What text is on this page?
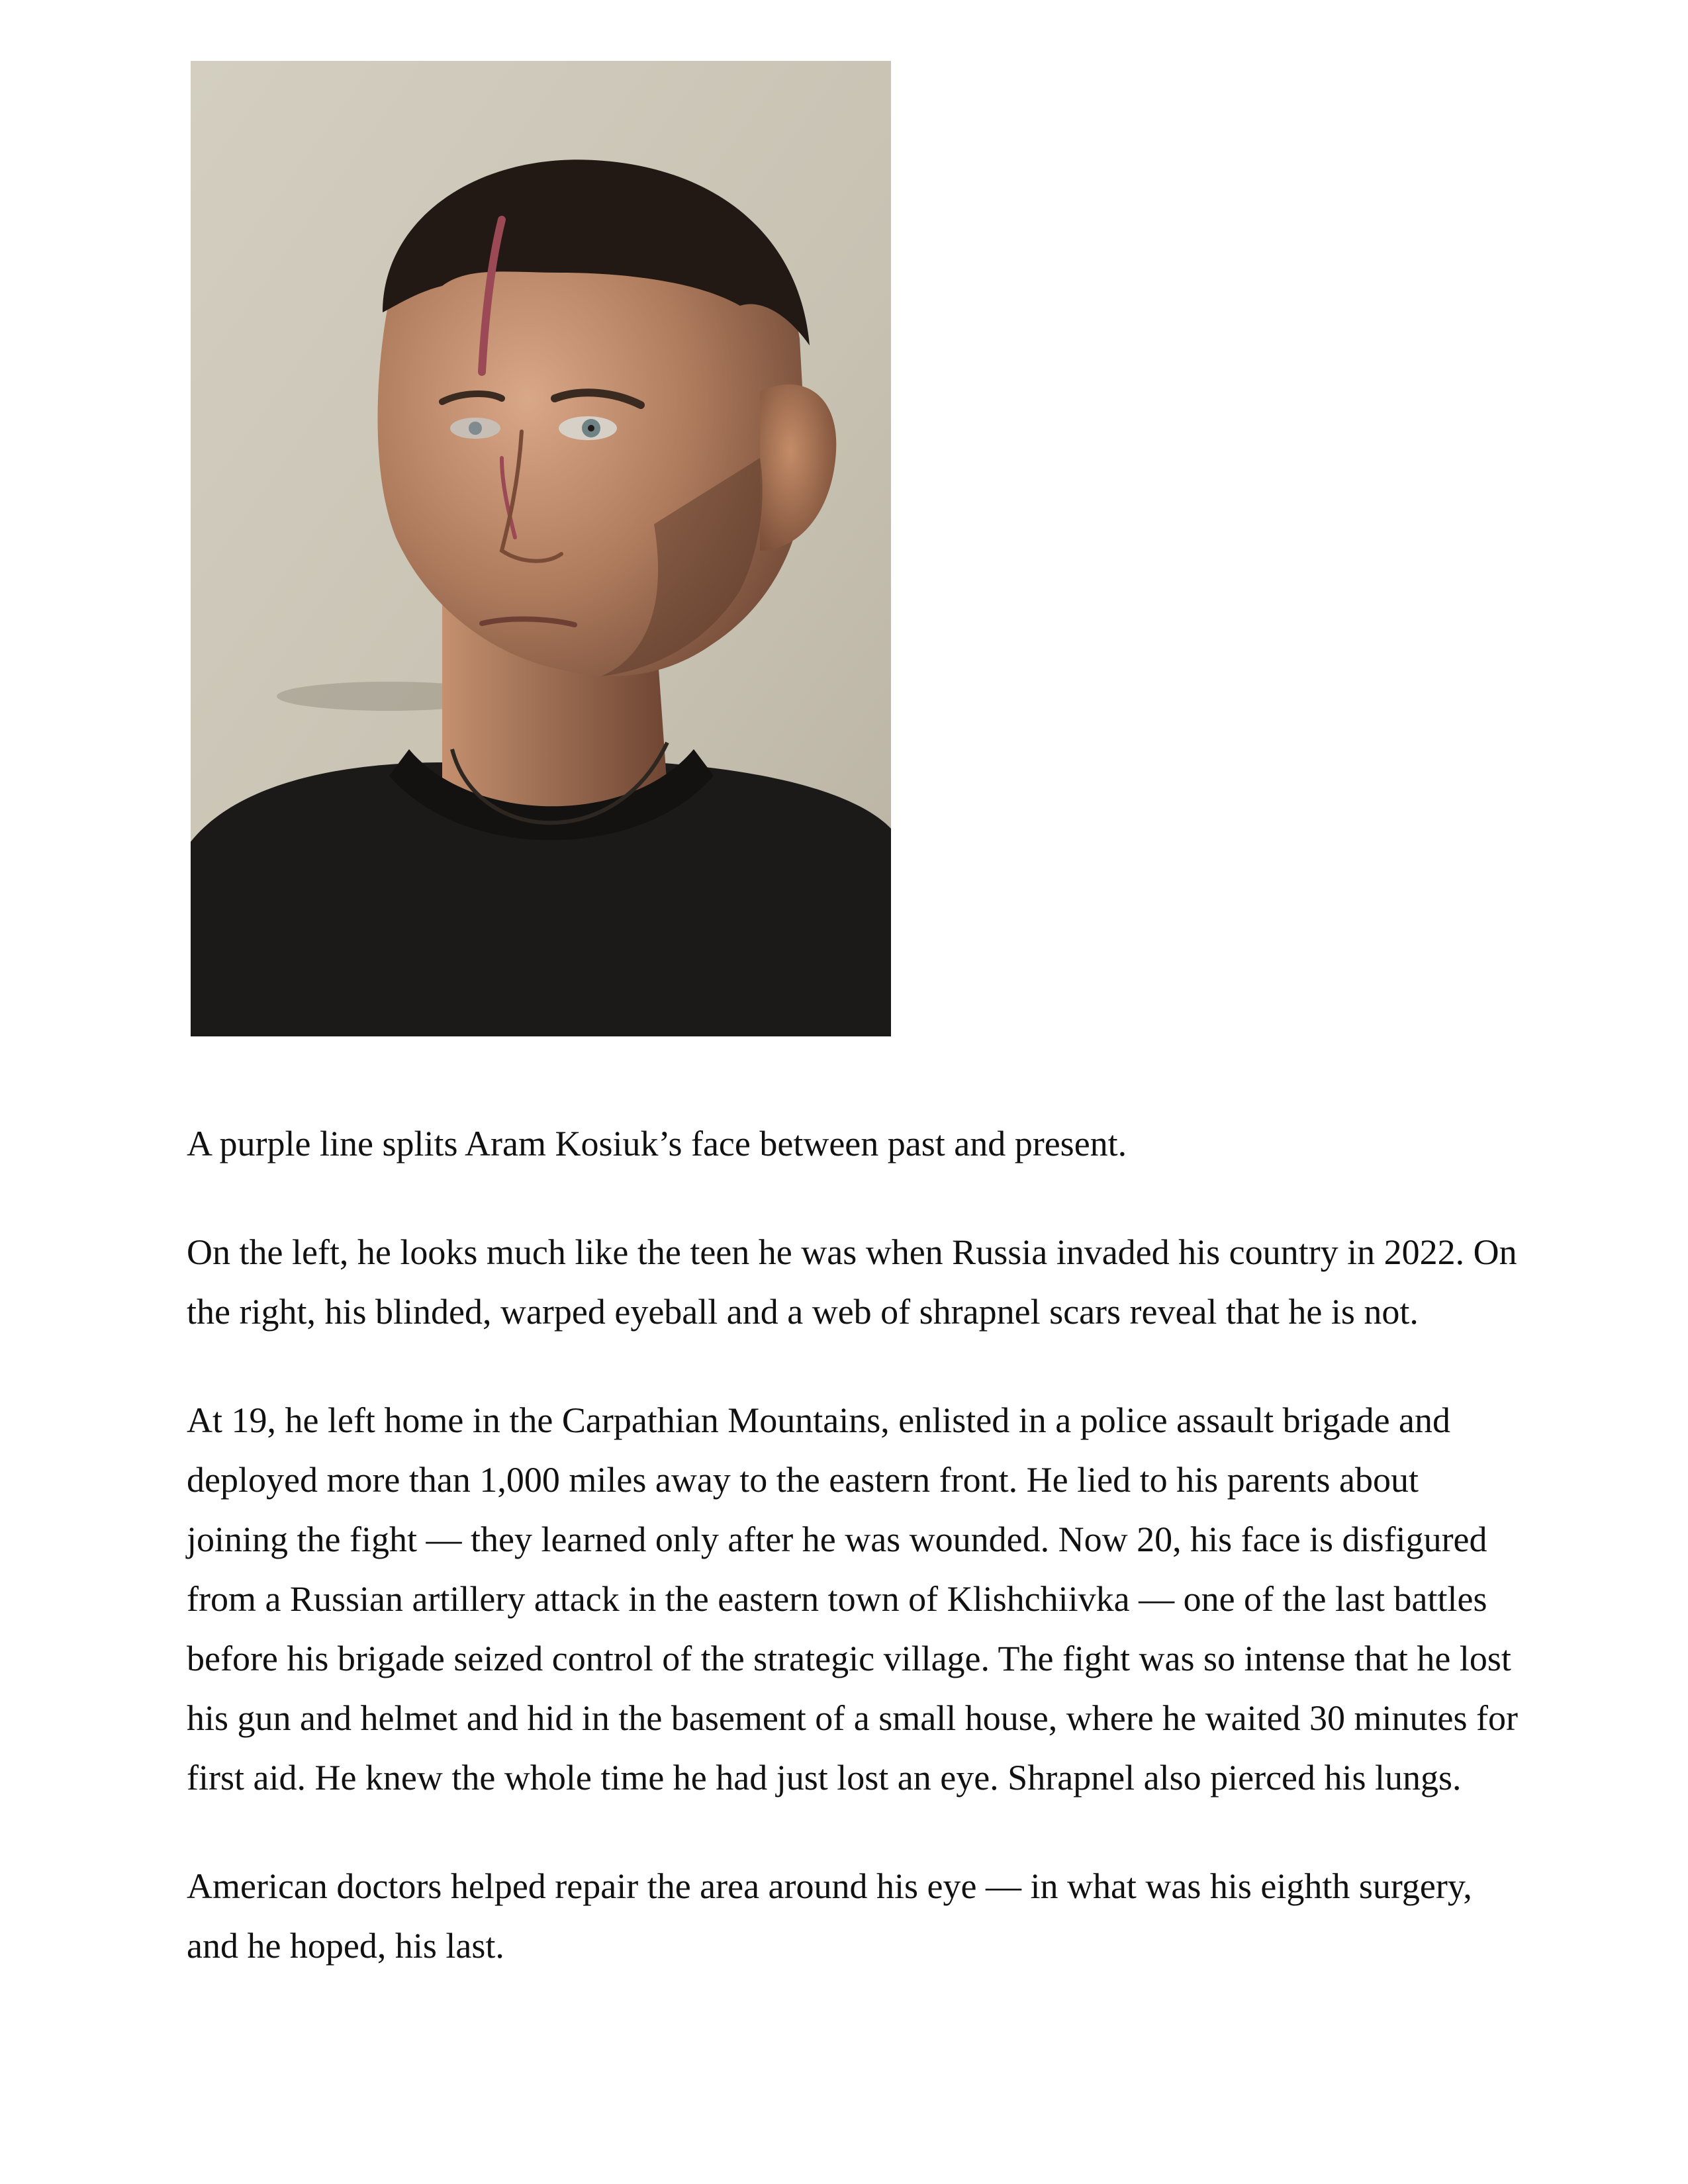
A purple line splits Aram Kosiuk’s face between past and present.

On the left, he looks much like the teen he was when Russia invaded his country in 2022. On the right, his blinded, warped eyeball and a web of shrapnel scars reveal that he is not.

At 19, he left home in the Carpathian Mountains, enlisted in a police assault brigade and deployed more than 1,000 miles away to the eastern front. He lied to his parents about joining the fight — they learned only after he was wounded. Now 20, his face is disfigured from a Russian artillery attack in the eastern town of Klishchiivka — one of the last battles before his brigade seized control of the strategic village. The fight was so intense that he lost his gun and helmet and hid in the basement of a small house, where he waited 30 minutes for first aid. He knew the whole time he had just lost an eye. Shrapnel also pierced his lungs.

American doctors helped repair the area around his eye — in what was his eighth surgery, and he hoped, his last.
